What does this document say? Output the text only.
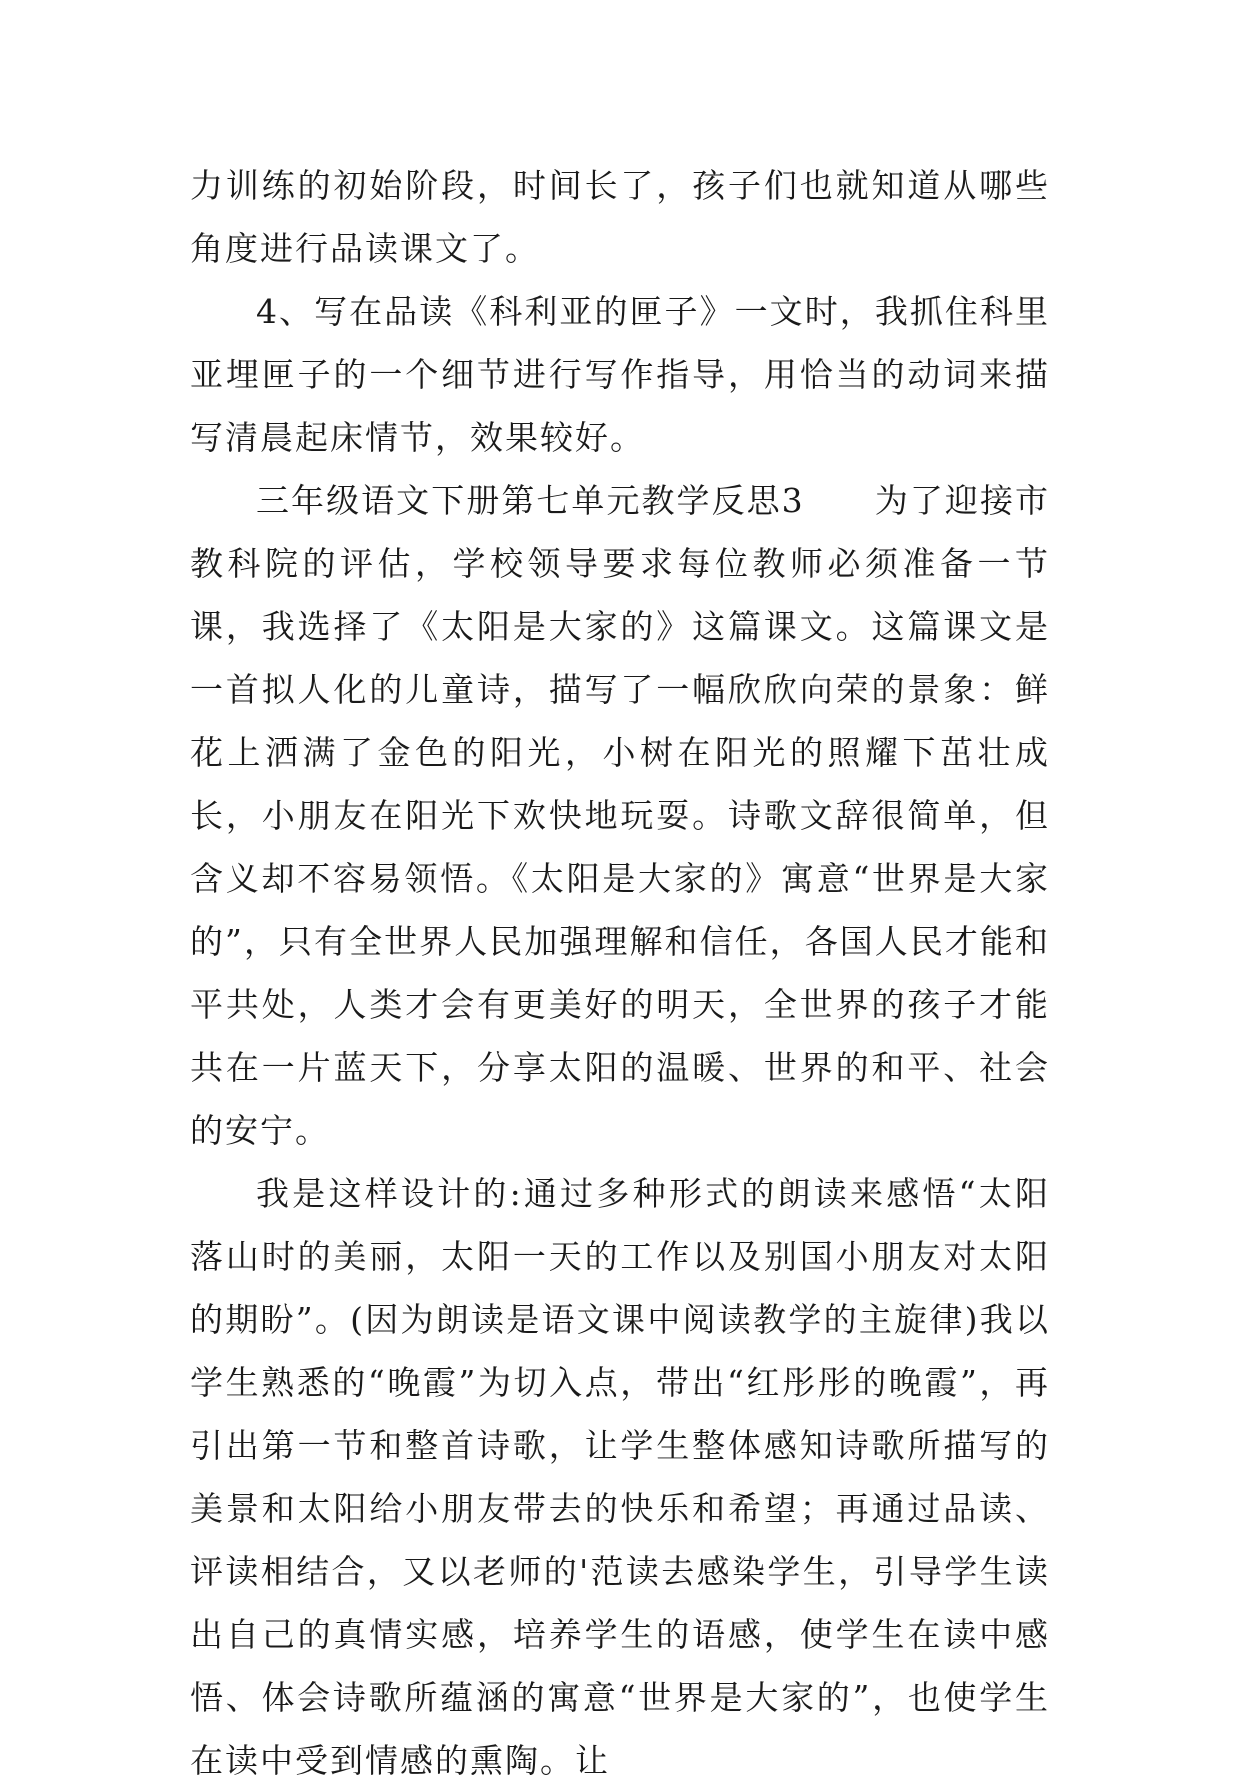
力训练的初始阶段，时间长了，孩子们也就知道从哪些角度进行品读课文了。

4、写在品读《科利亚的匣子》一文时，我抓住科里亚埋匣子的一个细节进行写作指导，用恰当的动词来描写清晨起床情节，效果较好。

三年级语文下册第七单元教学反思3　　为了迎接市教科院的评估，学校领导要求每位教师必须准备一节课，我选择了《太阳是大家的》这篇课文。这篇课文是一首拟人化的儿童诗，描写了一幅欣欣向荣的景象：鲜花上洒满了金色的阳光，小树在阳光的照耀下茁壮成长，小朋友在阳光下欢快地玩耍。诗歌文辞很简单，但含义却不容易领悟。《太阳是大家的》寓意“世界是大家的”，只有全世界人民加强理解和信任，各国人民才能和平共处，人类才会有更美好的明天，全世界的孩子才能共在一片蓝天下，分享太阳的温暖、世界的和平、社会的安宁。

我是这样设计的:通过多种形式的朗读来感悟“太阳落山时的美丽，太阳一天的工作以及别国小朋友对太阳的期盼”。(因为朗读是语文课中阅读教学的主旋律)我以学生熟悉的“晚霞”为切入点，带出“红彤彤的晚霞”，再引出第一节和整首诗歌，让学生整体感知诗歌所描写的美景和太阳给小朋友带去的快乐和希望；再通过品读、评读相结合，又以老师的'范读去感染学生，引导学生读出自己的真情实感，培养学生的语感，使学生在读中感悟、体会诗歌所蕴涵的寓意“世界是大家的”，也使学生在读中受到情感的熏陶。让
